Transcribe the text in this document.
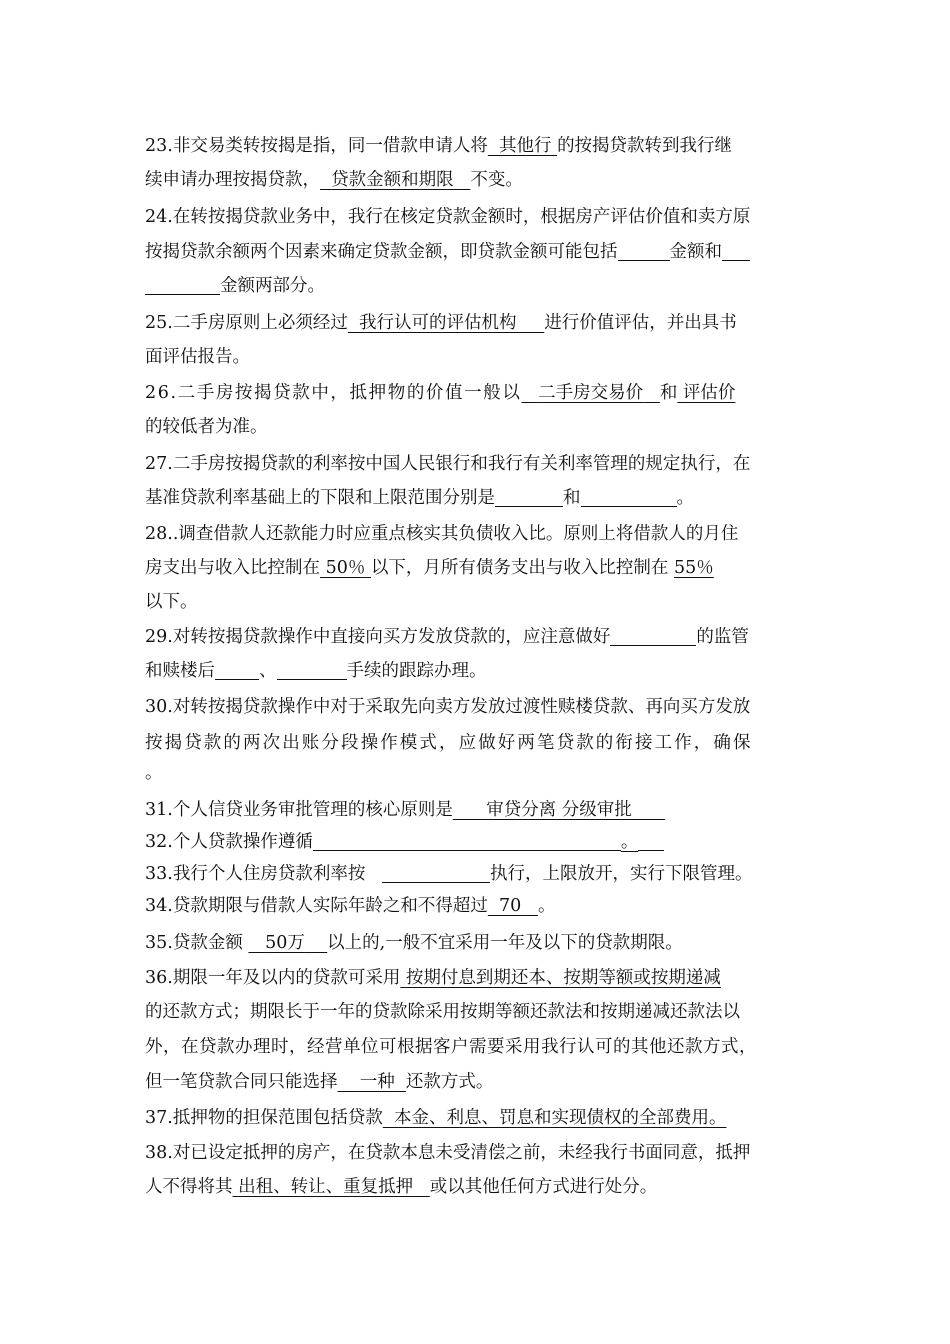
23.非交易类转按揭是指，同一借款申请人将 其他行 的按揭贷款转到我行继
续申请办理按揭贷款， 贷款金额和期限 不变。
24.在转按揭贷款业务中，我行在核定贷款金额时，根据房产评估价值和卖方原
按揭贷款余额两个因素来确定贷款金额，即贷款金额可能包括	金额和
金额两部分。
25.二手房原则上必须经过 我行认可的评估机构 进行价值评估，并出具书
面评估报告。
26.二手房按揭贷款中，抵押物的价值一般以 二手房交易价 和 评估价
的较低者为准。
27.二手房按揭贷款的利率按中国人民银行和我行有关利率管理的规定执行，在
基准贷款利率基础上的下限和上限范围分别是	和	。
28..调查借款人还款能力时应重点核实其负债收入比。原则上将借款人的月住
房支出与收入比控制在 50％ 以下，月所有债务支出与收入比控制在 55％
以下。
29.对转按揭贷款操作中直接向买方发放贷款的，应注意做好	的监管
和赎楼后	、	手续的跟踪办理。
30.对转按揭贷款操作中对于采取先向卖方发放过渡性赎楼贷款、再向买方发放
按揭贷款的两次出账分段操作模式，应做好两笔贷款的衔接工作，确保
。
31.个人信贷业务审批管理的核心原则是 审贷分离 分级审批
32.个人贷款操作遵循	。
33.我行个人住房贷款利率按	执行，上限放开，实行下限管理。
34.贷款期限与借款人实际年龄之和不得超过 70 。
35.贷款金额 50万 以上的,一般不宜采用一年及以下的贷款期限。
36.期限一年及以内的贷款可采用 按期付息到期还本、按期等额或按期递减
的还款方式；期限长于一年的贷款除采用按期等额还款法和按期递减还款法以
外，在贷款办理时，经营单位可根据客户需要采用我行认可的其他还款方式，
但一笔贷款合同只能选择 一种 还款方式。
37.抵押物的担保范围包括贷款 本金、利息、罚息和实现债权的全部费用。
38.对已设定抵押的房产，在贷款本息未受清偿之前，未经我行书面同意，抵押
人不得将其 出租、转让、重复抵押 或以其他任何方式进行处分。
